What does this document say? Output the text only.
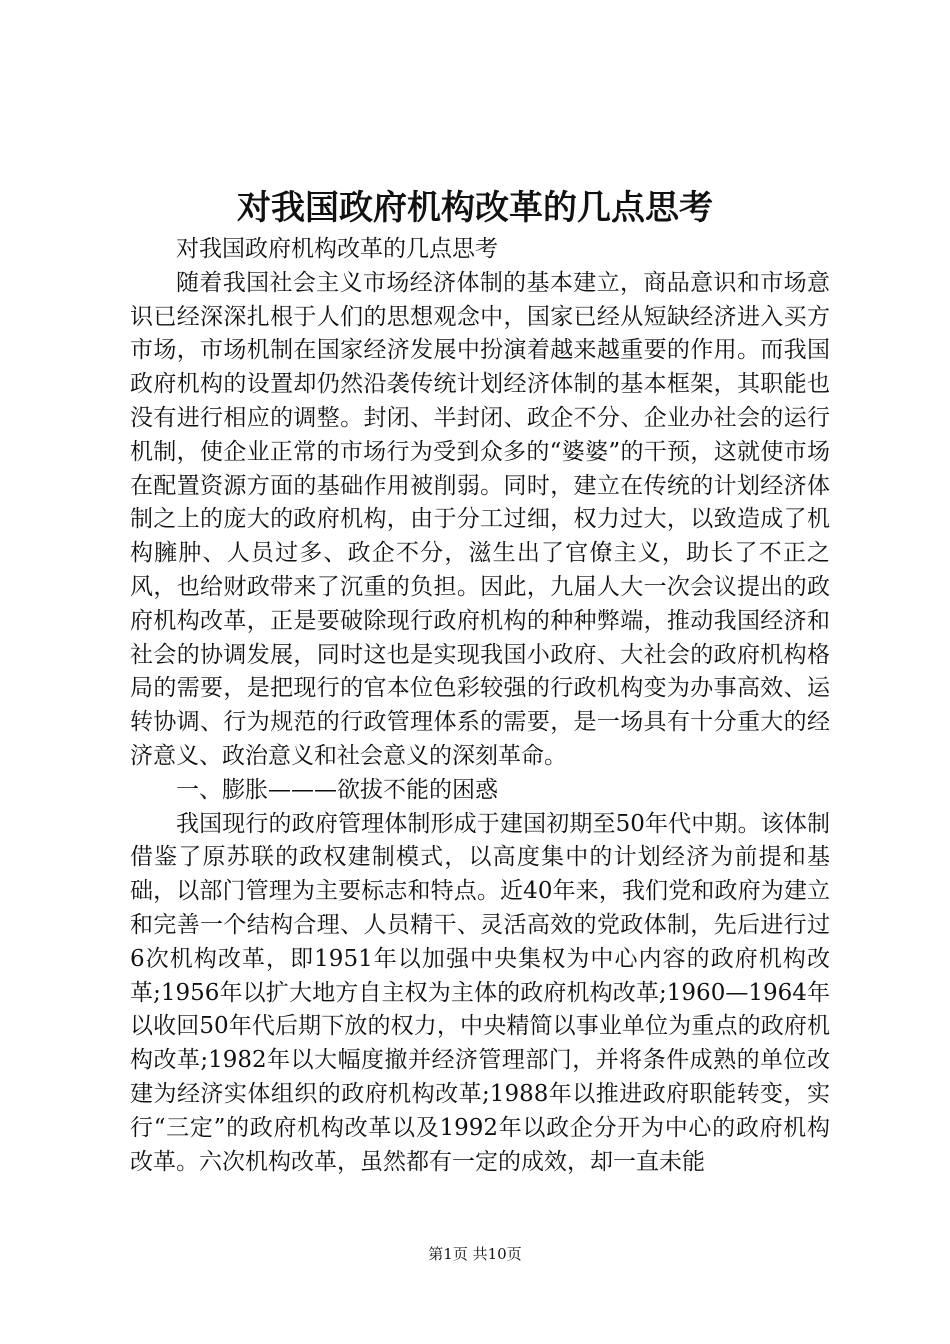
对我国政府机构改革的几点思考

对我国政府机构改革的几点思考

随着我国社会主义市场经济体制的基本建立，商品意识和市场意识已经深深扎根于人们的思想观念中，国家已经从短缺经济进入买方市场，市场机制在国家经济发展中扮演着越来越重要的作用。而我国政府机构的设置却仍然沿袭传统计划经济体制的基本框架，其职能也没有进行相应的调整。封闭、半封闭、政企不分、企业办社会的运行机制，使企业正常的市场行为受到众多的“婆婆”的干预，这就使市场在配置资源方面的基础作用被削弱。同时，建立在传统的计划经济体制之上的庞大的政府机构，由于分工过细，权力过大，以致造成了机构臃肿、人员过多、政企不分，滋生出了官僚主义，助长了不正之风，也给财政带来了沉重的负担。因此，九届人大一次会议提出的政府机构改革，正是要破除现行政府机构的种种弊端，推动我国经济和社会的协调发展，同时这也是实现我国小政府、大社会的政府机构格局的需要，是把现行的官本位色彩较强的行政机构变为办事高效、运转协调、行为规范的行政管理体系的需要，是一场具有十分重大的经济意义、政治意义和社会意义的深刻革命。

一、膨胀———欲拔不能的困惑

我国现行的政府管理体制形成于建国初期至50年代中期。该体制借鉴了原苏联的政权建制模式，以高度集中的计划经济为前提和基础，以部门管理为主要标志和特点。近40年来，我们党和政府为建立和完善一个结构合理、人员精干、灵活高效的党政体制，先后进行过6次机构改革，即1951年以加强中央集权为中心内容的政府机构改革;1956年以扩大地方自主权为主体的政府机构改革;1960—1964年以收回50年代后期下放的权力，中央精简以事业单位为重点的政府机构改革;1982年以大幅度撤并经济管理部门，并将条件成熟的单位改建为经济实体组织的政府机构改革;1988年以推进政府职能转变，实行“三定”的政府机构改革以及1992年以政企分开为中心的政府机构改革。六次机构改革，虽然都有一定的成效，却一直未能

第1页 共10页
